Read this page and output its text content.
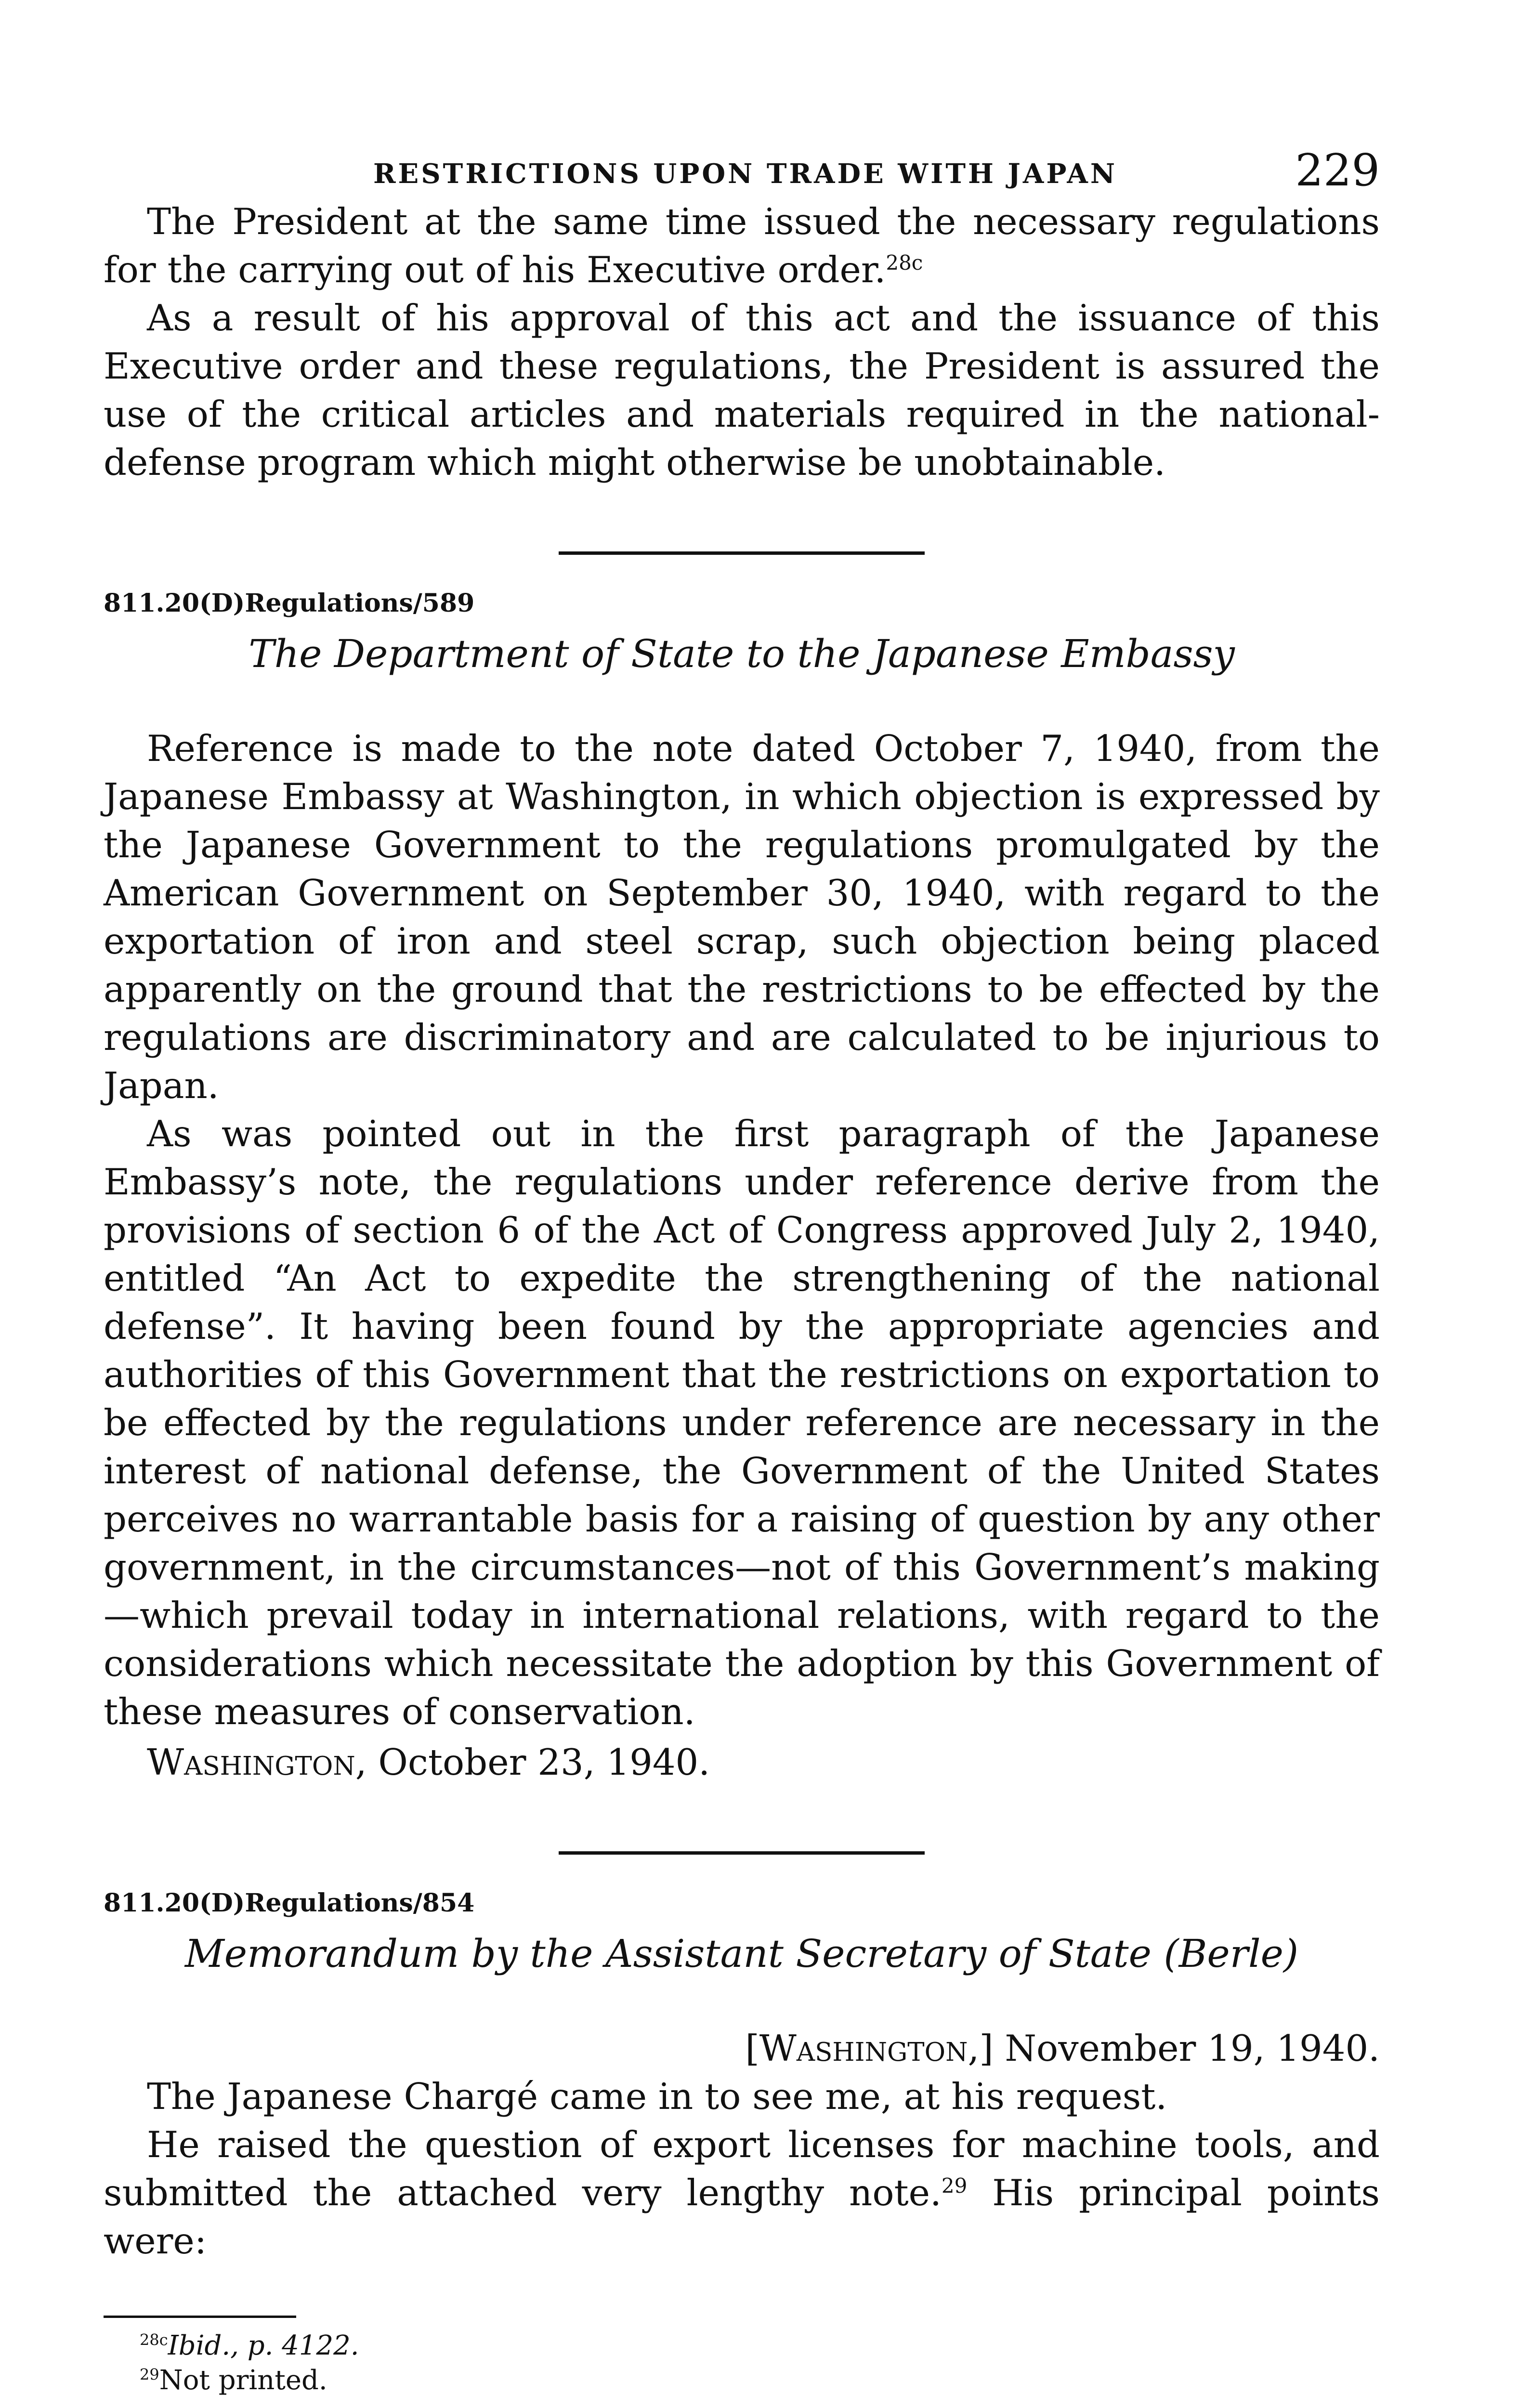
RESTRICTIONS UPON TRADE WITH JAPAN	229

The President at the same time issued the necessary regulations for the carrying out of his Executive order.$^{28c}$

As a result of his approval of this act and the issuance of this Executive order and these regulations, the President is assured the use of the critical articles and materials required in the national-defense program which might otherwise be unobtainable.

811.20(D)Regulations/589

The Department of State to the Japanese Embassy

Reference is made to the note dated October 7, 1940, from the Japanese Embassy at Washington, in which objection is expressed by the Japanese Government to the regulations promulgated by the American Government on September 30, 1940, with regard to the exportation of iron and steel scrap, such objection being placed apparently on the ground that the restrictions to be effected by the regulations are discriminatory and are calculated to be injurious to Japan.

As was pointed out in the first paragraph of the Japanese Embassy’s note, the regulations under reference derive from the provisions of section 6 of the Act of Congress approved July 2, 1940, entitled “An Act to expedite the strengthening of the national defense”. It having been found by the appropriate agencies and authorities of this Government that the restrictions on exportation to be effected by the regulations under reference are necessary in the interest of national defense, the Government of the United States perceives no warrantable basis for a raising of question by any other government, in the circumstances—not of this Government’s making—which prevail today in international relations, with regard to the considerations which necessitate the adoption by this Government of these measures of conservation.

Washington, October 23, 1940.

811.20(D)Regulations/854

Memorandum by the Assistant Secretary of State (Berle)

[Washington,] November 19, 1940.

The Japanese Chargé came in to see me, at his request.

He raised the question of export licenses for machine tools, and submitted the attached very lengthy note.$^{29}$ His principal points were:

$^{28c}$Ibid., p. 4122.

$^{29}$Not printed.
